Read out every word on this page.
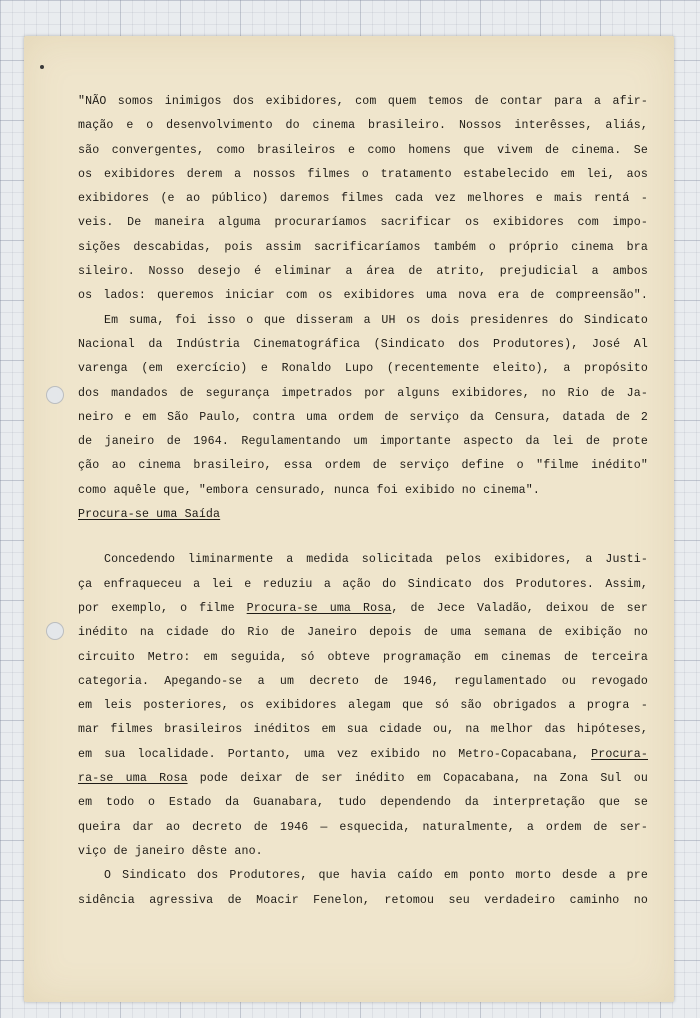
"NÃO somos inimigos dos exibidores, com quem temos de contar para a afir-
mação e o desenvolvimento do cinema brasileiro. Nossos interêsses, aliás,
são convergentes, como brasileiros e como homens que vivem de cinema. Se
os exibidores derem a nossos filmes o tratamento estabelecido em lei, aos
exibidores (e ao público) daremos filmes cada vez melhores e mais rentá -
veis. De maneira alguma procuraríamos sacrificar os exibidores com impo-
sições descabidas, pois assim sacrificaríamos também o próprio cinema bra
sileiro. Nosso desejo é eliminar a área de atrito, prejudicial a ambos
os lados: queremos iniciar com os exibidores uma nova era de compreensão".
Em suma, foi isso o que disseram a UH os dois presidenres do Sindicato
Nacional da Indústria Cinematográfica (Sindicato dos Produtores), José Al
varenga (em exercício) e Ronaldo Lupo (recentemente eleito), a propósito
dos mandados de segurança impetrados por alguns exibidores, no Rio de Ja-
neiro e em São Paulo, contra uma ordem de serviço da Censura, datada de 2
de janeiro de 1964. Regulamentando um importante aspecto da lei de prote
ção ao cinema brasileiro, essa ordem de serviço define o "filme inédito"
como aquêle que, "embora censurado, nunca foi exibido no cinema".
Procura-se uma Saída
Concedendo liminarmente a medida solicitada pelos exibidores, a Justi-
ça enfraqueceu a lei e reduziu a ação do Sindicato dos Produtores. Assim,
por exemplo, o filme Procura-se uma Rosa, de Jece Valadão, deixou de ser
inédito na cidade do Rio de Janeiro depois de uma semana de exibição no
circuito Metro: em seguida, só obteve programação em cinemas de terceira
categoria. Apegando-se a um decreto de 1946, regulamentado ou revogado
em leis posteriores, os exibidores alegam que só são obrigados a progra -
mar filmes brasileiros inéditos em sua cidade ou, na melhor das hipóteses,
em sua localidade. Portanto, uma vez exibido no Metro-Copacabana, Procura-
ra-se uma Rosa pode deixar de ser inédito em Copacabana, na Zona Sul ou
em todo o Estado da Guanabara, tudo dependendo da interpretação que se
queira dar ao decreto de 1946 — esquecida, naturalmente, a ordem de ser-
viço de janeiro dêste ano.
O Sindicato dos Produtores, que havia caído em ponto morto desde a pre
sidência agressiva de Moacir Fenelon, retomou seu verdadeiro caminho no
